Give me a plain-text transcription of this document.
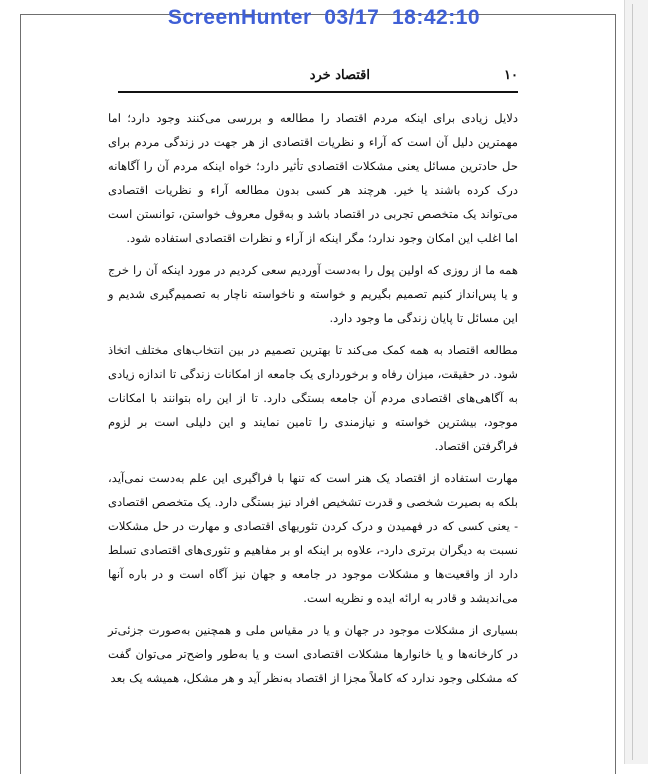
ScreenHunter  03/17  18:42:10
۱۰
اقتصاد خرد

دلایل زیادی برای اینکه مردم اقتصاد را مطالعه و بررسی می‌کنند وجود دارد؛ اما مهمترین دلیل آن است که آراء و نظریات اقتصادی از هر جهت در زندگی مردم برای حل حادترین مسائل یعنی مشکلات اقتصادی تأثیر دارد؛ خواه اینکه مردم آن را آگاهانه درک کرده باشند یا خیر. هرچند هر کسی بدون مطالعه آراء و نظریات اقتصادی می‌تواند یک متخصص تجربی در اقتصاد باشد و به‌قول معروف خواستن، توانستن است اما اغلب این امکان وجود ندارد؛ مگر اینکه از آراء و نظرات اقتصادی استفاده شود.

همه ما از روزی که اولین پول را به‌دست آوردیم سعی کردیم در مورد اینکه آن را خرج و یا پس‌انداز کنیم تصمیم بگیریم و خواسته و ناخواسته ناچار به تصمیم‌گیری شدیم و این مسائل تا پایان زندگی ما وجود دارد.

مطالعه اقتصاد به همه کمک می‌کند تا بهترین تصمیم در بین انتخاب‌های مختلف اتخاذ شود. در حقیقت، میزان رفاه و برخورداری یک جامعه از امکانات زندگی تا اندازه زیادی به آگاهی‌های اقتصادی مردم آن جامعه بستگی دارد. تا از این راه بتوانند با امکانات موجود، بیشترین خواسته و نیازمندی را تامین نمایند و این دلیلی است بر لزوم فراگرفتن اقتصاد.

مهارت استفاده از اقتصاد یک هنر است که تنها با فراگیری این علم به‌دست نمی‌آید، بلکه به بصیرت شخصی و قدرت تشخیص افراد نیز بستگی دارد. یک متخصص اقتصادی - یعنی کسی که در فهمیدن و درک کردن تئوریهای اقتصادی و مهارت در حل مشکلات نسبت به دیگران برتری دارد-، علاوه بر اینکه او بر مفاهیم و تئوری‌های اقتصادی تسلط دارد از واقعیت‌ها و مشکلات موجود در جامعه و جهان نیز آگاه است و در باره آنها می‌اندیشد و قادر به ارائه ایده و نظریه است.

بسیاری از مشکلات موجود در جهان و یا در مقیاس ملی و همچنین به‌صورت جزئی‌تر در کارخانه‌ها و یا خانوارها مشکلات اقتصادی است و یا به‌طور واضح‌تر می‌توان گفت که مشکلی وجود ندارد که کاملاً مجزا از اقتصاد به‌نظر آید و هر مشکل، همیشه یک بعد
